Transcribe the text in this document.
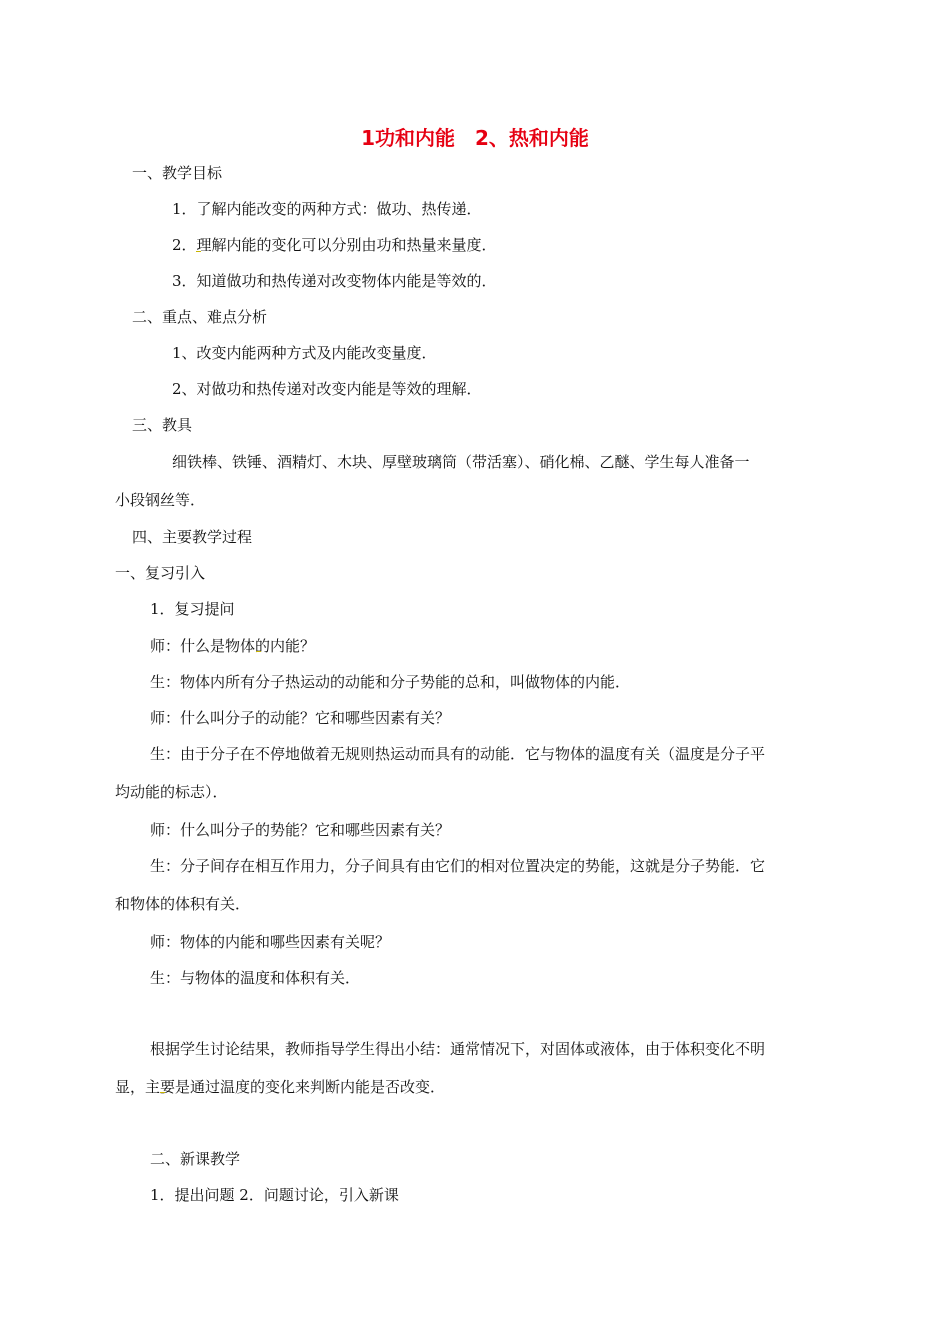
1功和内能　2、热和内能
一、教学目标
1．了解内能改变的两种方式：做功、热传递．
2．理解内能的变化可以分别由功和热量来量度．
3．知道做功和热传递对改变物体内能是等效的．
二、重点、难点分析
1、改变内能两种方式及内能改变量度．
2、对做功和热传递对改变内能是等效的理解．
三、教具
细铁棒、铁锤、酒精灯、木块、厚壁玻璃筒（带活塞）、硝化棉、乙醚、学生每人准备一
小段钢丝等．
四、主要教学过程
一、复习引入
1．复习提问
师：什么是物体的内能？
生：物体内所有分子热运动的动能和分子势能的总和，叫做物体的内能．
师：什么叫分子的动能？它和哪些因素有关？
生：由于分子在不停地做着无规则热运动而具有的动能．它与物体的温度有关（温度是分子平
均动能的标志）．
师：什么叫分子的势能？它和哪些因素有关？
生：分子间存在相互作用力，分子间具有由它们的相对位置决定的势能，这就是分子势能．它
和物体的体积有关．
师：物体的内能和哪些因素有关呢？
生：与物体的温度和体积有关．
根据学生讨论结果，教师指导学生得出小结：通常情况下，对固体或液体，由于体积变化不明
显，主要是通过温度的变化来判断内能是否改变．
二、新课教学
1．提出问题 2．问题讨论，引入新课
